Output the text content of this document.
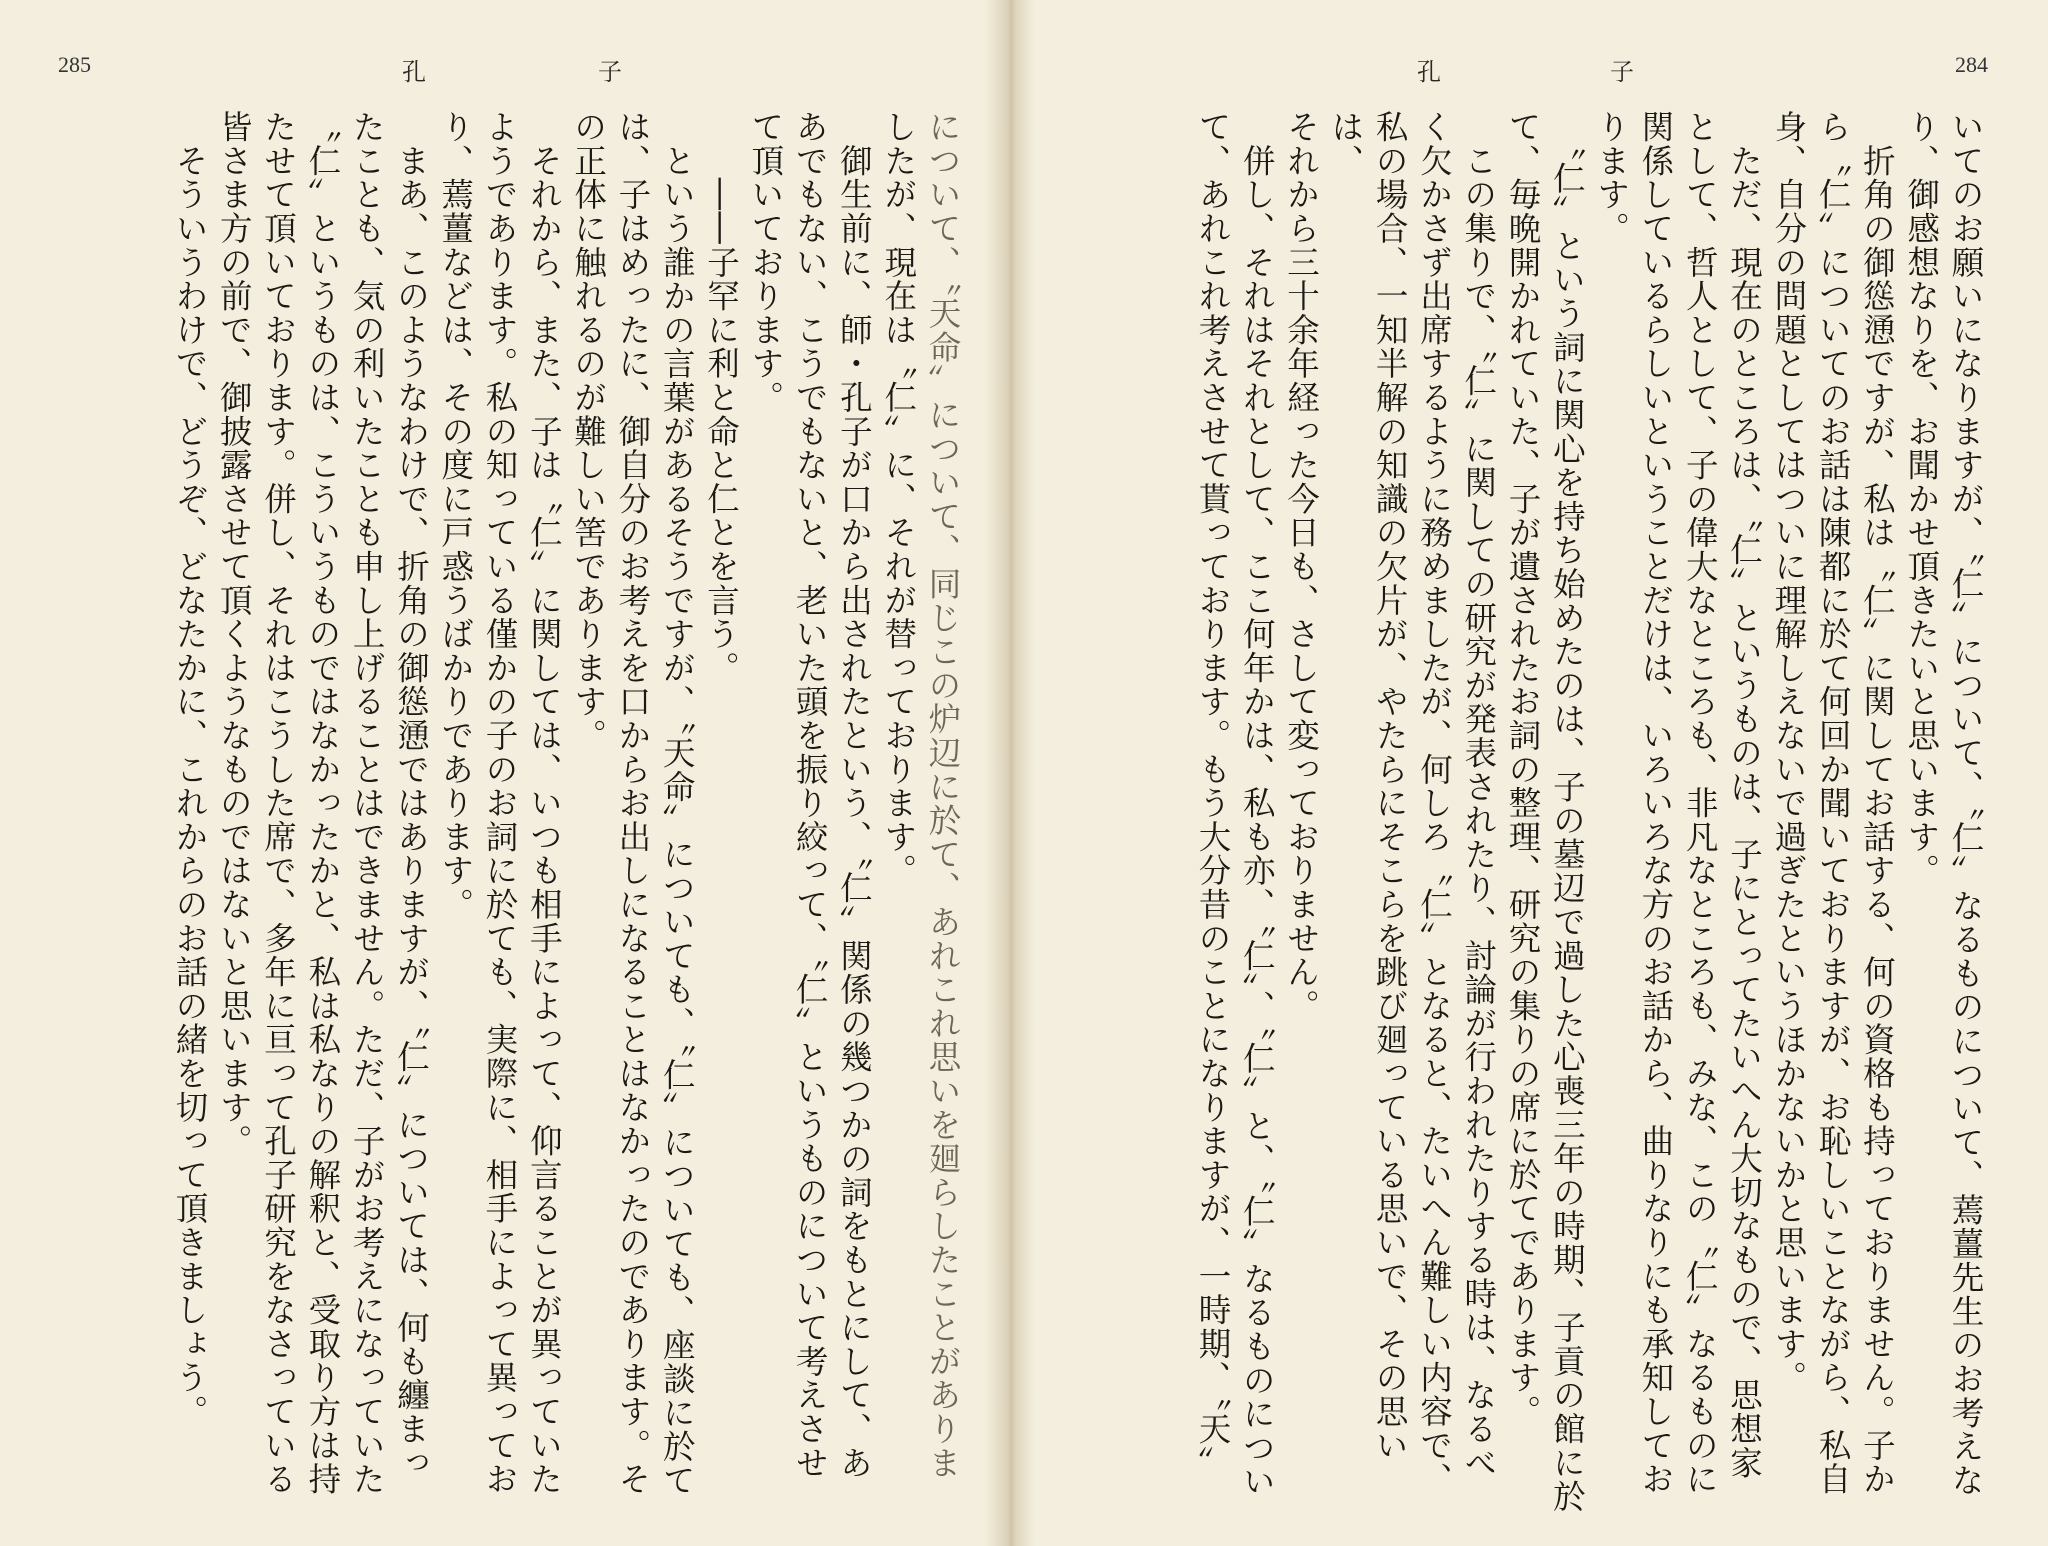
285	孔	子

について、〝天命〟について、同じこの炉辺に於て、あれこれ思いを廻らしたことがありま

したが、現在は〝仁〟に、それが替っております。

　御生前に、師・孔子が口から出されたという、〝仁〟関係の幾つかの詞をもとにして、あ

あでもない、こうでもないと、老いた頭を振り絞って、〝仁〟というものについて考えさせ

て頂いております。

　　――子罕に利と命と仁とを言う。

　という誰かの言葉があるそうですが、〝天命〟についても、〝仁〟についても、座談に於て

は、子はめったに、御自分のお考えを口からお出しになることはなかったのであります。そ

の正体に触れるのが難しい筈であります。

　それから、また、子は〝仁〟に関しては、いつも相手によって、仰言ることが異っていた

ようであります。私の知っている僅かの子のお詞に於ても、実際に、相手によって異ってお

り、蔫薑などは、その度に戸惑うばかりであります。

　まあ、このようなわけで、折角の御慫慂ではありますが、〝仁〟については、何も纏まっ

たことも、気の利いたことも申し上げることはできません。ただ、子がお考えになっていた

〝仁〟というものは、こういうものではなかったかと、私は私なりの解釈と、受取り方は持

たせて頂いております。併し、それはこうした席で、多年に亘って孔子研究をなさっている

皆さま方の前で、御披露させて頂くようなものではないと思います。

　そういうわけで、どうぞ、どなたかに、これからのお話の緒を切って頂きましょう。

284
孔	子

いてのお願いになりますが、〝仁〟について、〝仁〟なるものについて、蔫薑先生のお考えな

り、御感想なりを、お聞かせ頂きたいと思います。

　折角の御慫慂ですが、私は〝仁〟に関してお話する、何の資格も持っておりません。子か

ら〝仁〟についてのお話は陳都に於て何回か聞いておりますが、お恥しいことながら、私自

身、自分の問題としてはついに理解しえないで過ぎたというほかないかと思います。

　ただ、現在のところは、〝仁〟というものは、子にとってたいへん大切なもので、思想家

として、哲人として、子の偉大なところも、非凡なところも、みな、この〝仁〟なるものに

関係しているらしいということだけは、いろいろな方のお話から、曲りなりにも承知してお

ります。

　〝仁〟という詞に関心を持ち始めたのは、子の墓辺で過した心喪三年の時期、子貢の館に於

て、毎晩開かれていた、子が遺されたお詞の整理、研究の集りの席に於てであります。

　この集りで、〝仁〟に関しての研究が発表されたり、討論が行われたりする時は、なるべ

く欠かさず出席するように務めましたが、何しろ〝仁〟となると、たいへん難しい内容で、

私の場合、一知半解の知識の欠片が、やたらにそこらを跳び廻っている思いで、その思いは、

それから三十余年経った今日も、さして変っておりません。

　併し、それはそれとして、ここ何年かは、私も亦、〝仁〟、〝仁〟と、〝仁〟なるものについ

て、あれこれ考えさせて貰っております。もう大分昔のことになりますが、一時期、〝天〟
